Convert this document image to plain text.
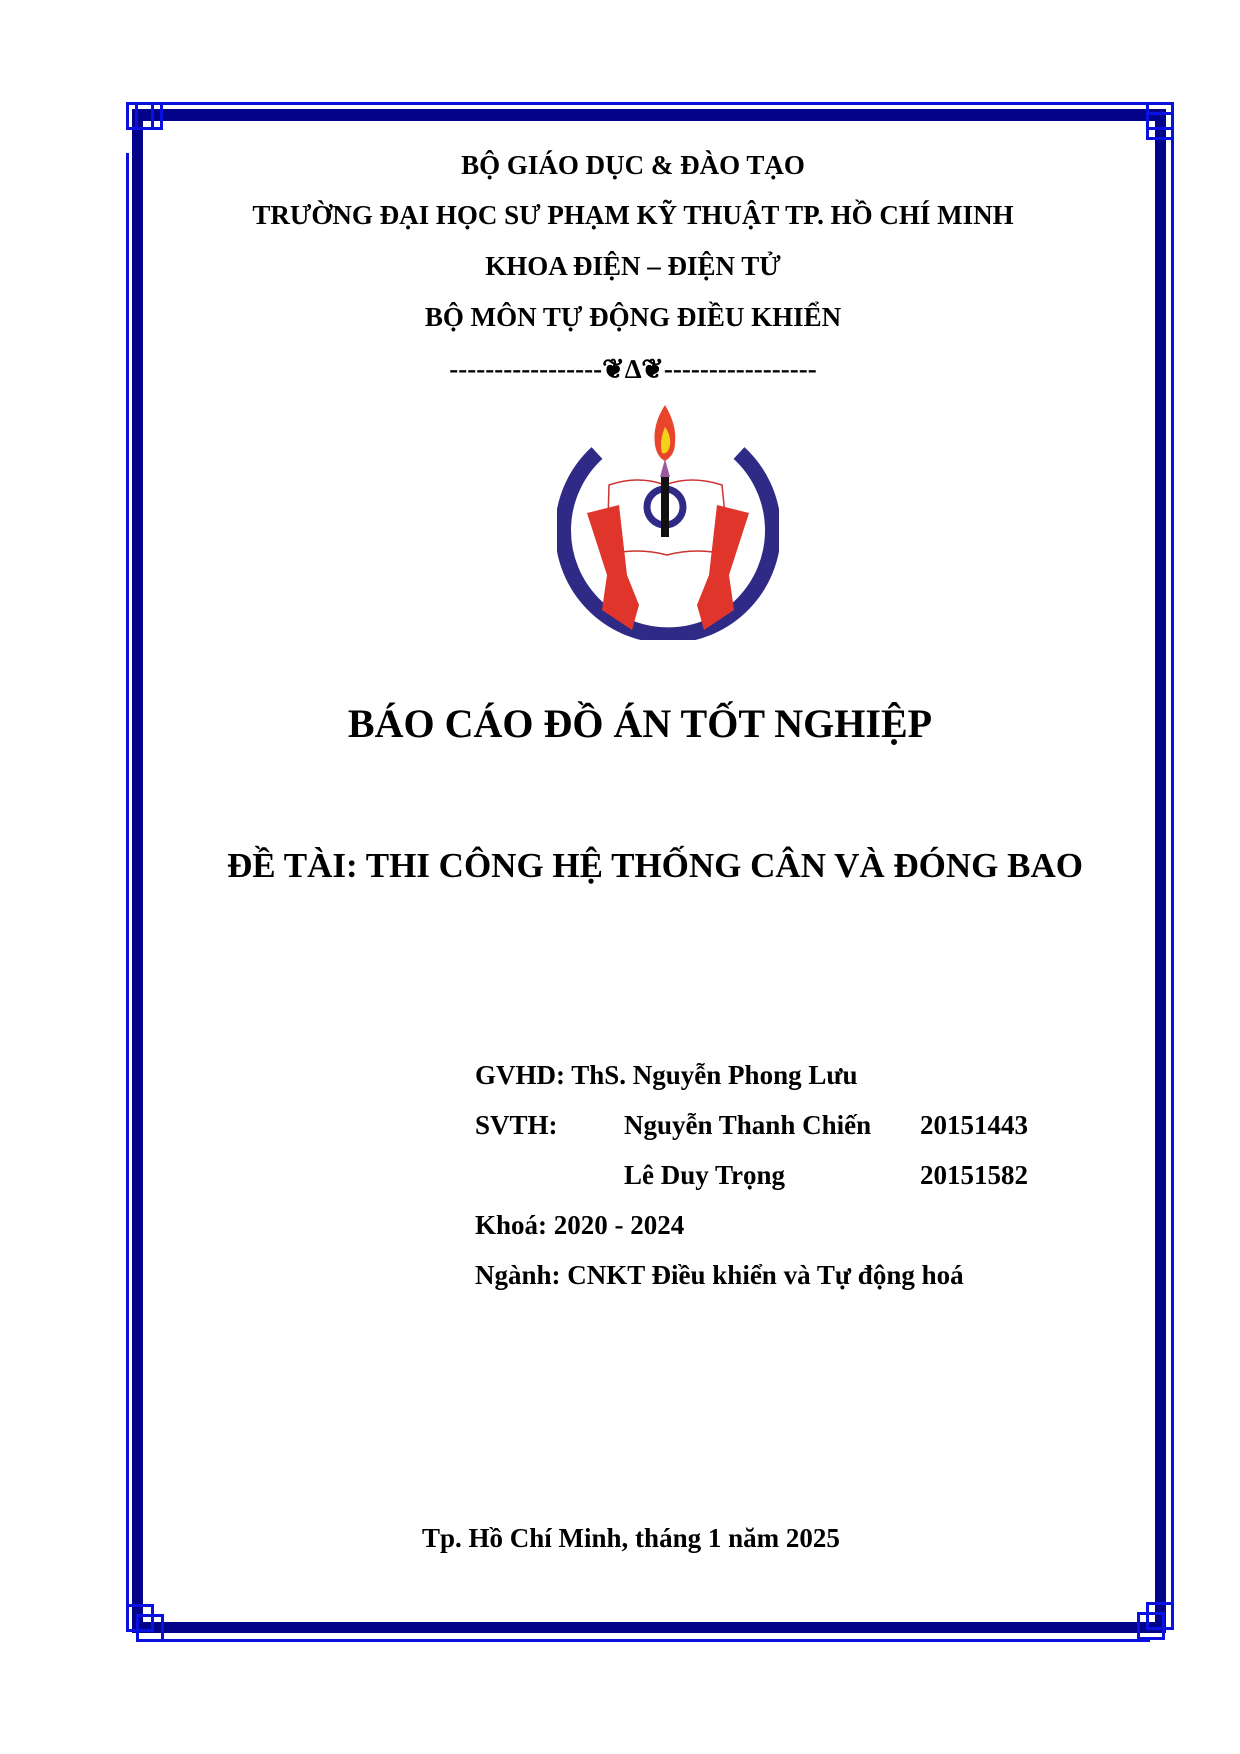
BỘ GIÁO DỤC & ĐÀO TẠO
TRƯỜNG ĐẠI HỌC SƯ PHẠM KỸ THUẬT TP. HỒ CHÍ MINH
KHOA ĐIỆN – ĐIỆN TỬ
BỘ MÔN TỰ ĐỘNG ĐIỀU KHIỂN
-----------------❦∆❦-----------------
BÁO CÁO ĐỒ ÁN TỐT NGHIỆP
ĐỀ TÀI: THI CÔNG HỆ THỐNG CÂN VÀ ĐÓNG BAO
GVHD: ThS. Nguyễn Phong Lưu
SVTH: Nguyễn Thanh Chiến 20151443
Lê Duy Trọng	20151582
Khoá: 2020 - 2024
Ngành: CNKT Điều khiển và Tự động hoá
Tp. Hồ Chí Minh, tháng 1 năm 2025
